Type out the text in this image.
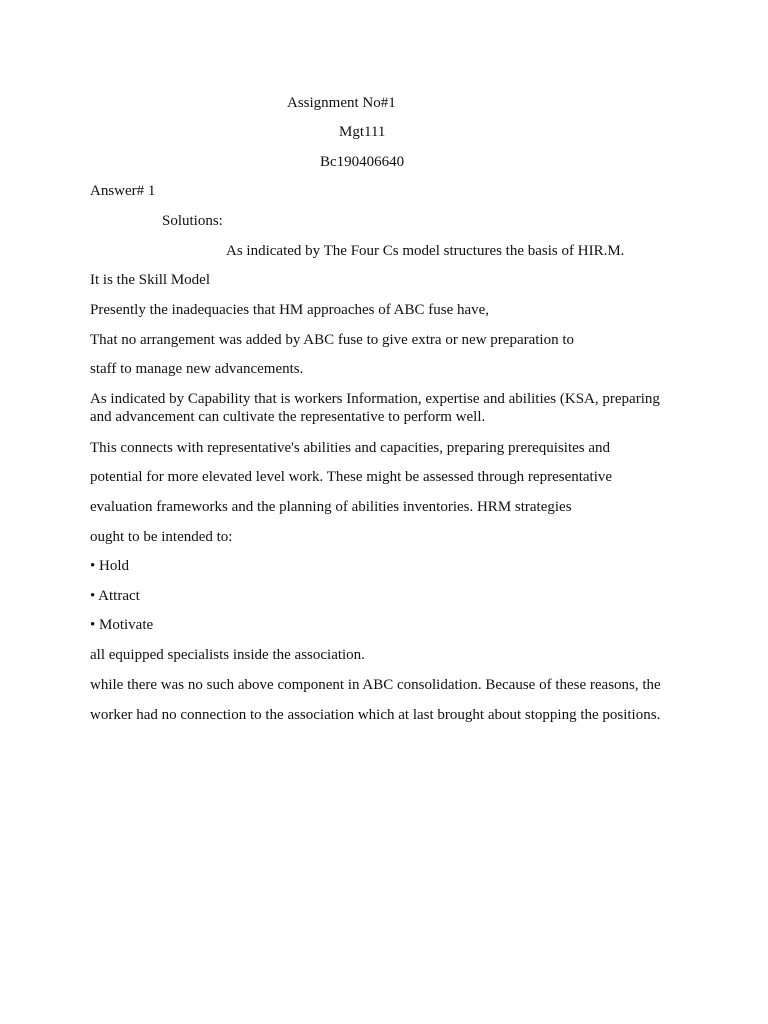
Assignment No#1
Mgt111
Bc190406640
Answer# 1
Solutions:
As indicated by The Four Cs model structures the basis of HIR.M.
It is the Skill Model
Presently the inadequacies that HM approaches of ABC fuse have,
That no arrangement was added by ABC fuse to give extra or new preparation to
staff to manage new advancements.
As indicated by Capability that is workers Information, expertise and abilities (KSA, preparing and advancement can cultivate the representative to perform well.
This connects with representative's abilities and capacities, preparing prerequisites and
potential for more elevated level work. These might be assessed through representative
evaluation frameworks and the planning of abilities inventories. HRM strategies
ought to be intended to:
• Hold
• Attract
• Motivate
all equipped specialists inside the association.
while there was no such above component in ABC consolidation. Because of these reasons, the
worker had no connection to the association which at last brought about stopping the positions.
